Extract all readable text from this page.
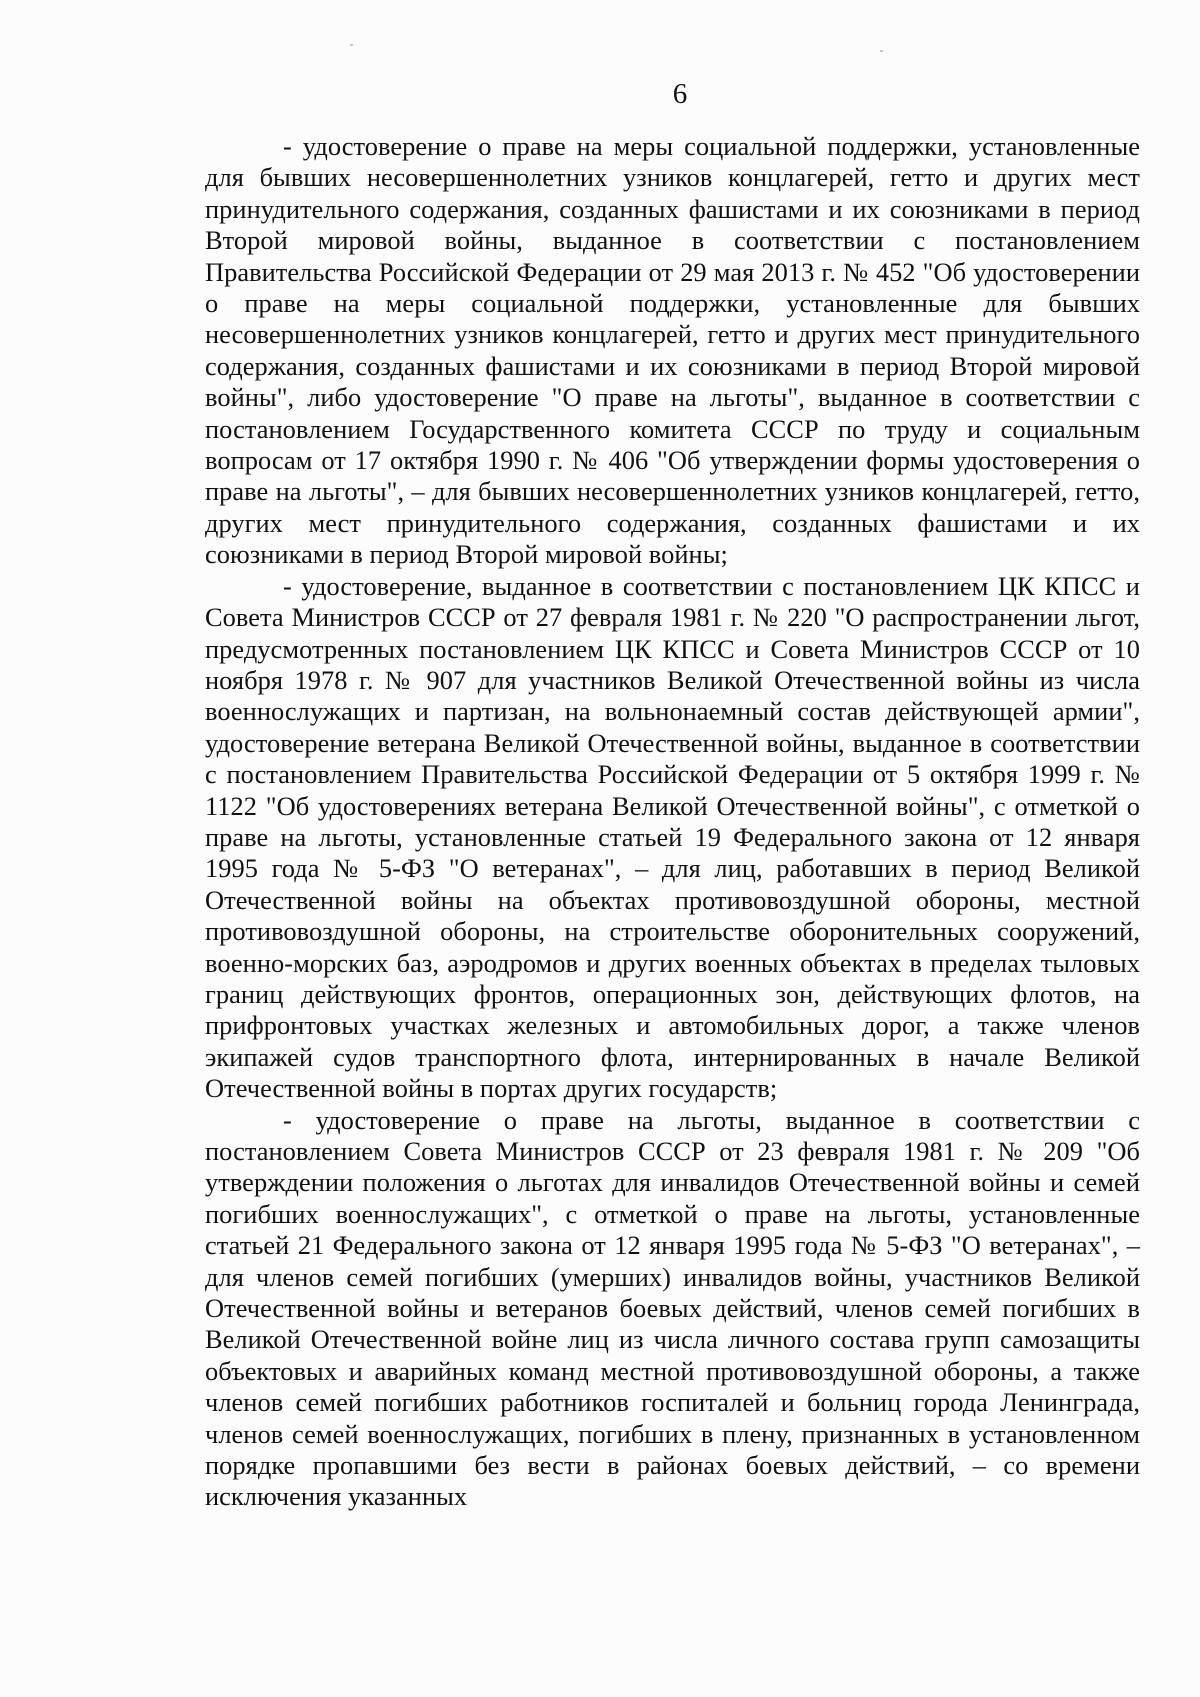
6

- удостоверение о праве на меры социальной поддержки, установленные для бывших несовершеннолетних узников концлагерей, гетто и других мест принудительного содержания, созданных фашистами и их союзниками в период Второй мировой войны, выданное в соответствии с постановлением Правительства Российской Федерации от 29 мая 2013 г. № 452 "Об удостоверении о праве на меры социальной поддержки, установленные для бывших несовершеннолетних узников концлагерей, гетто и других мест принудительного содержания, созданных фашистами и их союзниками в период Второй мировой войны", либо удостоверение "О праве на льготы", выданное в соответствии с постановлением Государственного комитета СССР по труду и социальным вопросам от 17 октября 1990 г. № 406 "Об утверждении формы удостоверения о праве на льготы", – для бывших несовершеннолетних узников концлагерей, гетто, других мест принудительного содержания, созданных фашистами и их союзниками в период Второй мировой войны;

- удостоверение, выданное в соответствии с постановлением ЦК КПСС и Совета Министров СССР от 27 февраля 1981 г. № 220 "О распространении льгот, предусмотренных постановлением ЦК КПСС и Совета Министров СССР от 10 ноября 1978 г. № 907 для участников Великой Отечественной войны из числа военнослужащих и партизан, на вольнонаемный состав действующей армии", удостоверение ветерана Великой Отечественной войны, выданное в соответствии с постановлением Правительства Российской Федерации от 5 октября 1999 г. № 1122 "Об удостоверениях ветерана Великой Отечественной войны", с отметкой о праве на льготы, установленные статьей 19 Федерального закона от 12 января 1995 года № 5-ФЗ "О ветеранах", – для лиц, работавших в период Великой Отечественной войны на объектах противовоздушной обороны, местной противовоздушной обороны, на строительстве оборонительных сооружений, военно-морских баз, аэродромов и других военных объектах в пределах тыловых границ действующих фронтов, операционных зон, действующих флотов, на прифронтовых участках железных и автомобильных дорог, а также членов экипажей судов транспортного флота, интернированных в начале Великой Отечественной войны в портах других государств;

- удостоверение о праве на льготы, выданное в соответствии с постановлением Совета Министров СССР от 23 февраля 1981 г. № 209 "Об утверждении положения о льготах для инвалидов Отечественной войны и семей погибших военнослужащих", с отметкой о праве на льготы, установленные статьей 21 Федерального закона от 12 января 1995 года № 5-ФЗ "О ветеранах", – для членов семей погибших (умерших) инвалидов войны, участников Великой Отечественной войны и ветеранов боевых действий, членов семей погибших в Великой Отечественной войне лиц из числа личного состава групп самозащиты объектовых и аварийных команд местной противовоздушной обороны, а также членов семей погибших работников госпиталей и больниц города Ленинграда, членов семей военнослужащих, погибших в плену, признанных в установленном порядке пропавшими без вести в районах боевых действий, – со времени исключения указанных
